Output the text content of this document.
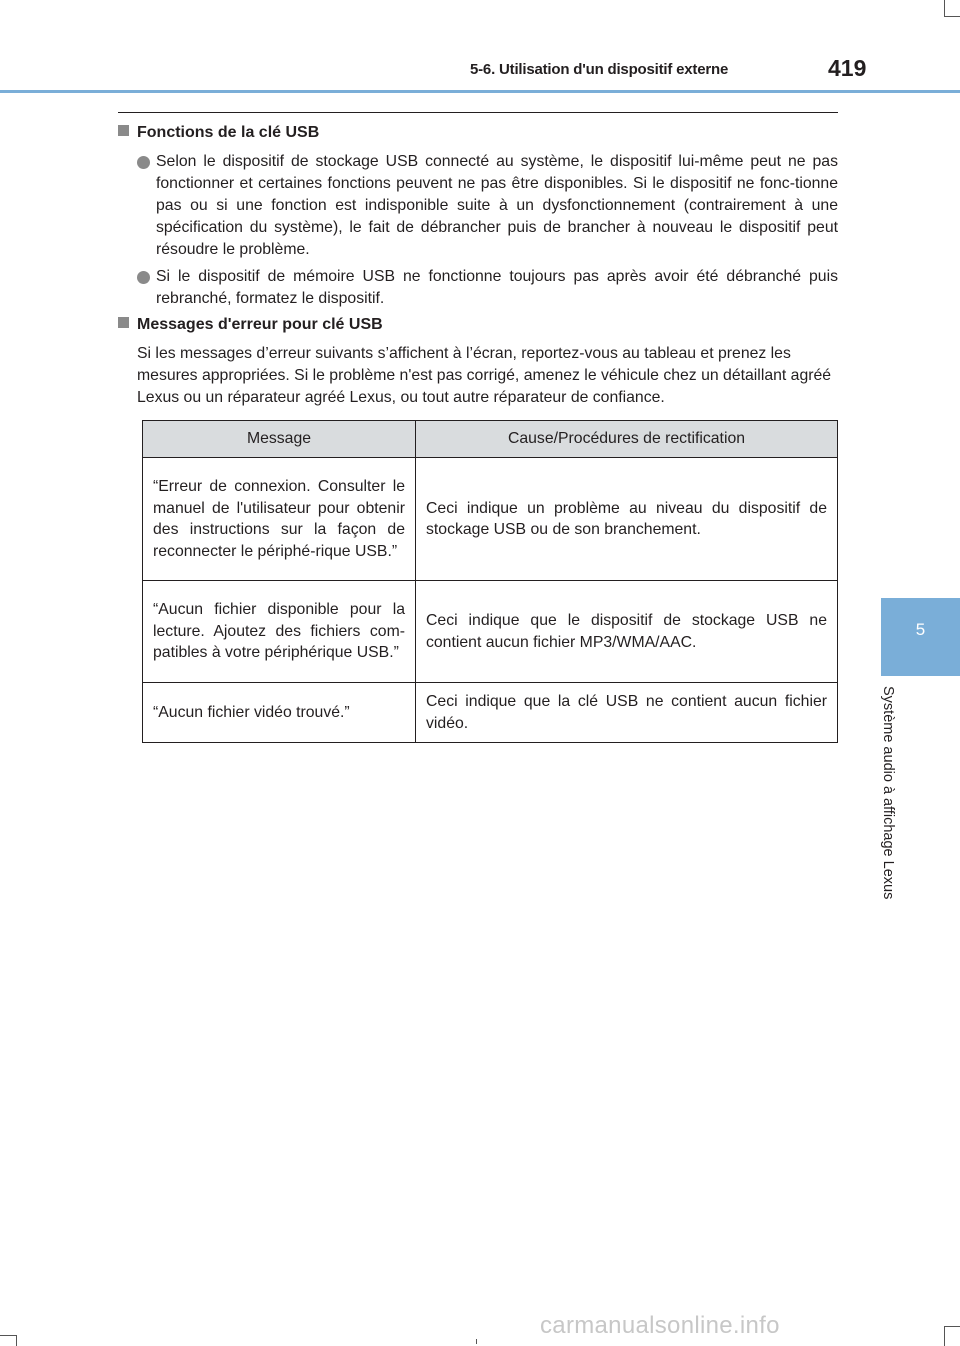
5-6. Utilisation d'un dispositif externe	419
5
Système audio à affichage Lexus
Fonctions de la clé USB
Selon le dispositif de stockage USB connecté au système, le dispositif lui-même peut ne pas fonctionner et certaines fonctions peuvent ne pas être disponibles. Si le dispositif ne fonc-tionne pas ou si une fonction est indisponible suite à un dysfonctionnement (contrairement à une spécification du système), le fait de débrancher puis de brancher à nouveau le dispositif peut résoudre le problème.
Si le dispositif de mémoire USB ne fonctionne toujours pas après avoir été débranché puis rebranché, formatez le dispositif.
Messages d'erreur pour clé USB
Si les messages d’erreur suivants s’affichent à l’écran, reportez-vous au tableau et prenez les mesures appropriées. Si le problème n'est pas corrigé, amenez le véhicule chez un détaillant agréé Lexus ou un réparateur agréé Lexus, ou tout autre réparateur de confiance.
Message	Cause/Procédures de rectification
“Erreur de connexion. Consulter le manuel de l'utilisateur pour obtenir des instructions sur la façon de reconnecter le périphé-rique USB.”	Ceci indique un problème au niveau du dispositif de stockage USB ou de son branchement.
“Aucun fichier disponible pour la lecture. Ajoutez des fichiers com-patibles à votre périphérique USB.”	Ceci indique que le dispositif de stockage USB ne contient aucun fichier MP3/WMA/AAC.
“Aucun fichier vidéo trouvé.”	Ceci indique que la clé USB ne contient aucun fichier vidéo.
carmanualsonline.info
